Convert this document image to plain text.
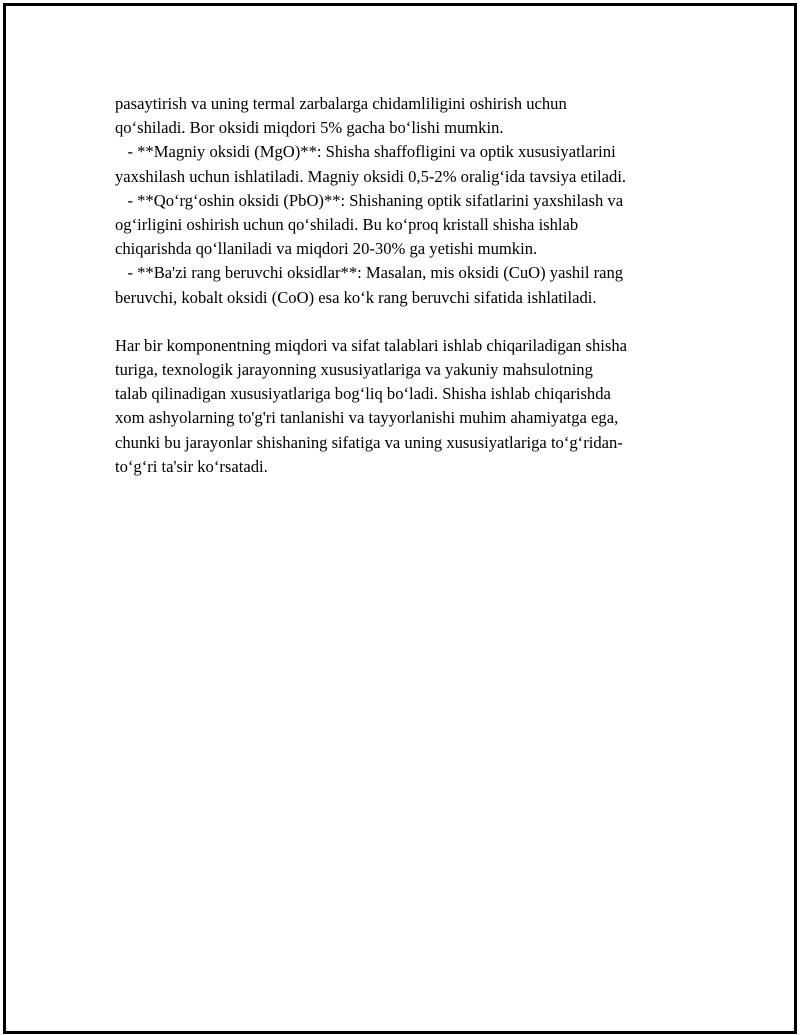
pasaytirish va uning termal zarbalarga chidamliligini oshirish uchun
qo‘shiladi. Bor oksidi miqdori 5% gacha bo‘lishi mumkin.
- **Magniy oksidi (MgO)**: Shisha shaffofligini va optik xususiyatlarini
yaxshilash uchun ishlatiladi. Magniy oksidi 0,5-2% oralig‘ida tavsiya etiladi.
- **Qo‘rg‘oshin oksidi (PbO)**: Shishaning optik sifatlarini yaxshilash va
og‘irligini oshirish uchun qo‘shiladi. Bu ko‘proq kristall shisha ishlab
chiqarishda qo‘llaniladi va miqdori 20-30% ga yetishi mumkin.
- **Ba'zi rang beruvchi oksidlar**: Masalan, mis oksidi (CuO) yashil rang
beruvchi, kobalt oksidi (CoO) esa ko‘k rang beruvchi sifatida ishlatiladi.
Har bir komponentning miqdori va sifat talablari ishlab chiqariladigan shisha
turiga, texnologik jarayonning xususiyatlariga va yakuniy mahsulotning
talab qilinadigan xususiyatlariga bog‘liq bo‘ladi. Shisha ishlab chiqarishda
xom ashyolarning to'g'ri tanlanishi va tayyorlanishi muhim ahamiyatga ega,
chunki bu jarayonlar shishaning sifatiga va uning xususiyatlariga to‘g‘ridan-
to‘g‘ri ta'sir ko‘rsatadi.
